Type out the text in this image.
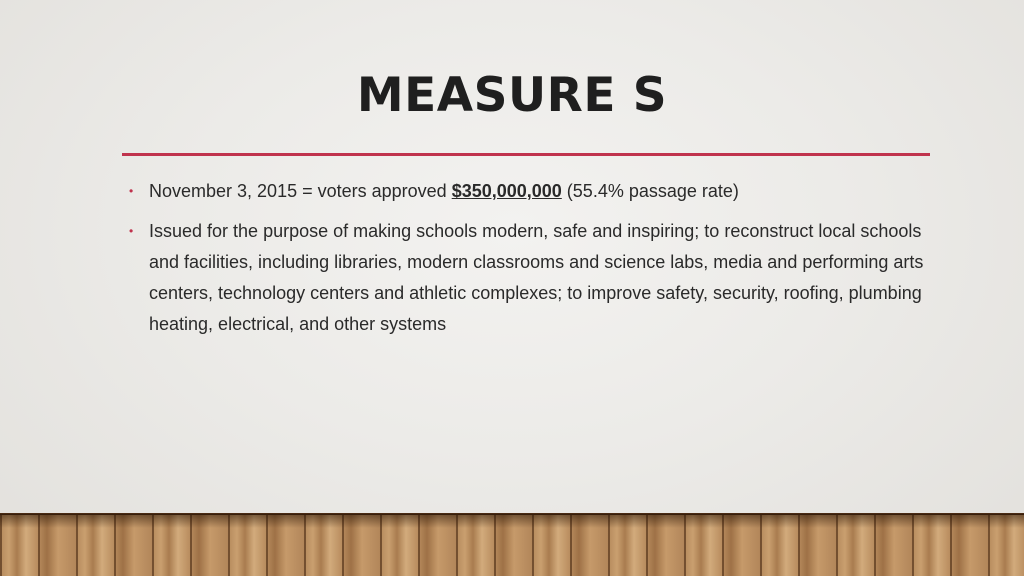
MEASURE S
• November 3, 2015 = voters approved $350,000,000 (55.4% passage rate)
• Issued for the purpose of making schools modern, safe and inspiring; to reconstruct local schools and facilities, including libraries, modern classrooms and science labs, media and performing arts centers, technology centers and athletic complexes; to improve safety, security, roofing, plumbing heating, electrical, and other systems
